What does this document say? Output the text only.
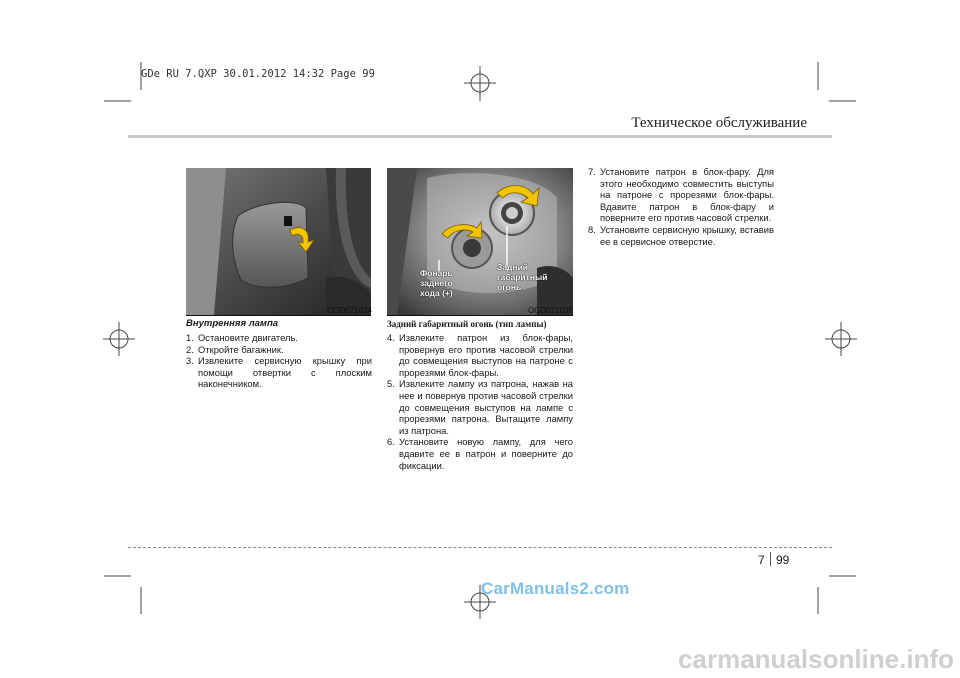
GDe RU 7.QXP 30.01.2012 14:32 Page 99
Техническое обслуживание
OGD071034
Фонарь
заднего
хода (+)
Задний
габаритный
огонь
OGD071035
Внутренняя лампа
1. Остановите двигатель.
2. Откройте багажник.
3. Извлеките сервисную крышку при помощи отвертки с плоским наконечником.
Задний габаритный огонь (тип лампы)
4. Извлеките патрон из блок-фары, провернув его против часовой стрелки до совмещения выступов на патроне с прорезями блок-фары.
5. Извлеките лампу из патрона, нажав на нее и повернув против часовой стрелки до совмещения выступов на лампе с прорезями патрона. Вытащите лампу из патрона.
6. Установите новую лампу, для чего вдавите ее в патрон и поверните до фиксации.
7. Установите патрон в блок-фару. Для этого необходимо совместить выступы на патроне с прорезями блок-фары. Вдавите патрон в блок-фару и поверните его против часовой стрелки.
8. Установите сервисную крышку, вставив ее в сервисное отверстие.
7 99
CarManuals2.com
carmanualsonline.info
